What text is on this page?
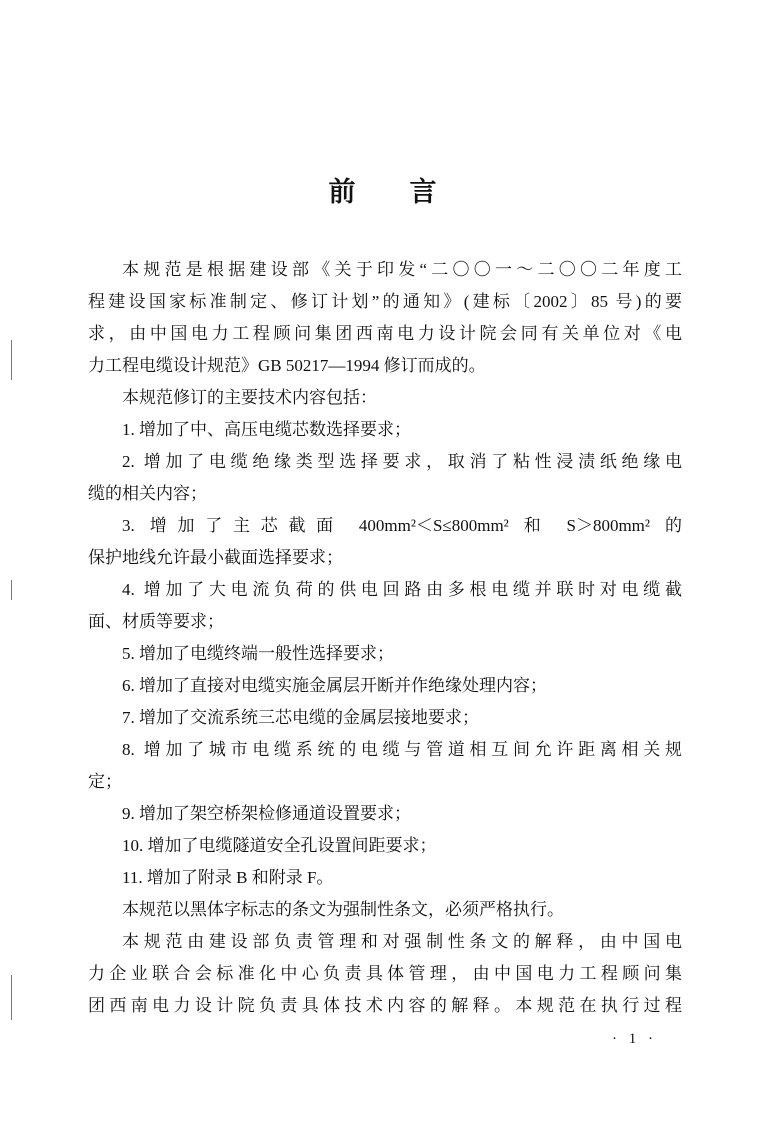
前 言
本规范是根据建设部《关于印发“二〇〇一～二〇〇二年度工
程建设国家标准制定、修订计划”的通知》(建标〔2002〕85 号)的要
求，由中国电力工程顾问集团西南电力设计院会同有关单位对《电
力工程电缆设计规范》GB 50217—1994 修订而成的。
本规范修订的主要技术内容包括：
1. 增加了中、高压电缆芯数选择要求；
2. 增加了电缆绝缘类型选择要求，取消了粘性浸渍纸绝缘电
缆的相关内容；
3. 增加了主芯截面 400mm²＜S≤800mm² 和 S＞800mm² 的
保护地线允许最小截面选择要求；
4. 增加了大电流负荷的供电回路由多根电缆并联时对电缆截
面、材质等要求；
5. 增加了电缆终端一般性选择要求；
6. 增加了直接对电缆实施金属层开断并作绝缘处理内容；
7. 增加了交流系统三芯电缆的金属层接地要求；
8. 增加了城市电缆系统的电缆与管道相互间允许距离相关规
定；
9. 增加了架空桥架检修通道设置要求；
10. 增加了电缆隧道安全孔设置间距要求；
11. 增加了附录 B 和附录 F。
本规范以黑体字标志的条文为强制性条文，必须严格执行。
本规范由建设部负责管理和对强制性条文的解释，由中国电
力企业联合会标准化中心负责具体管理，由中国电力工程顾问集
团西南电力设计院负责具体技术内容的解释。本规范在执行过程
· 1 ·
